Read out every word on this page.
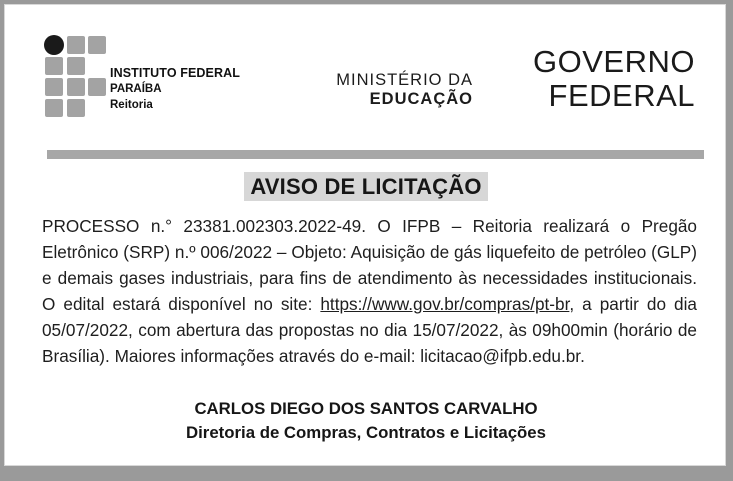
INSTITUTO FEDERAL
PARAÍBA
Reitoria
MINISTÉRIO DA
EDUCAÇÃO
GOVERNO
FEDERAL
AVISO DE LICITAÇÃO
PROCESSO n.° 23381.002303.2022-49. O IFPB – Reitoria realizará o Pregão Eletrônico (SRP) n.º 006/2022 – Objeto: Aquisição de gás liquefeito de petróleo (GLP) e demais gases industriais, para fins de atendimento às necessidades institucionais. O edital estará disponível no site: https://www.gov.br/compras/pt-br, a partir do dia 05/07/2022, com abertura das propostas no dia 15/07/2022, às 09h00min (horário de Brasília). Maiores informações através do e-mail: licitacao@ifpb.edu.br.
CARLOS DIEGO DOS SANTOS CARVALHO
Diretoria de Compras, Contratos e Licitações
